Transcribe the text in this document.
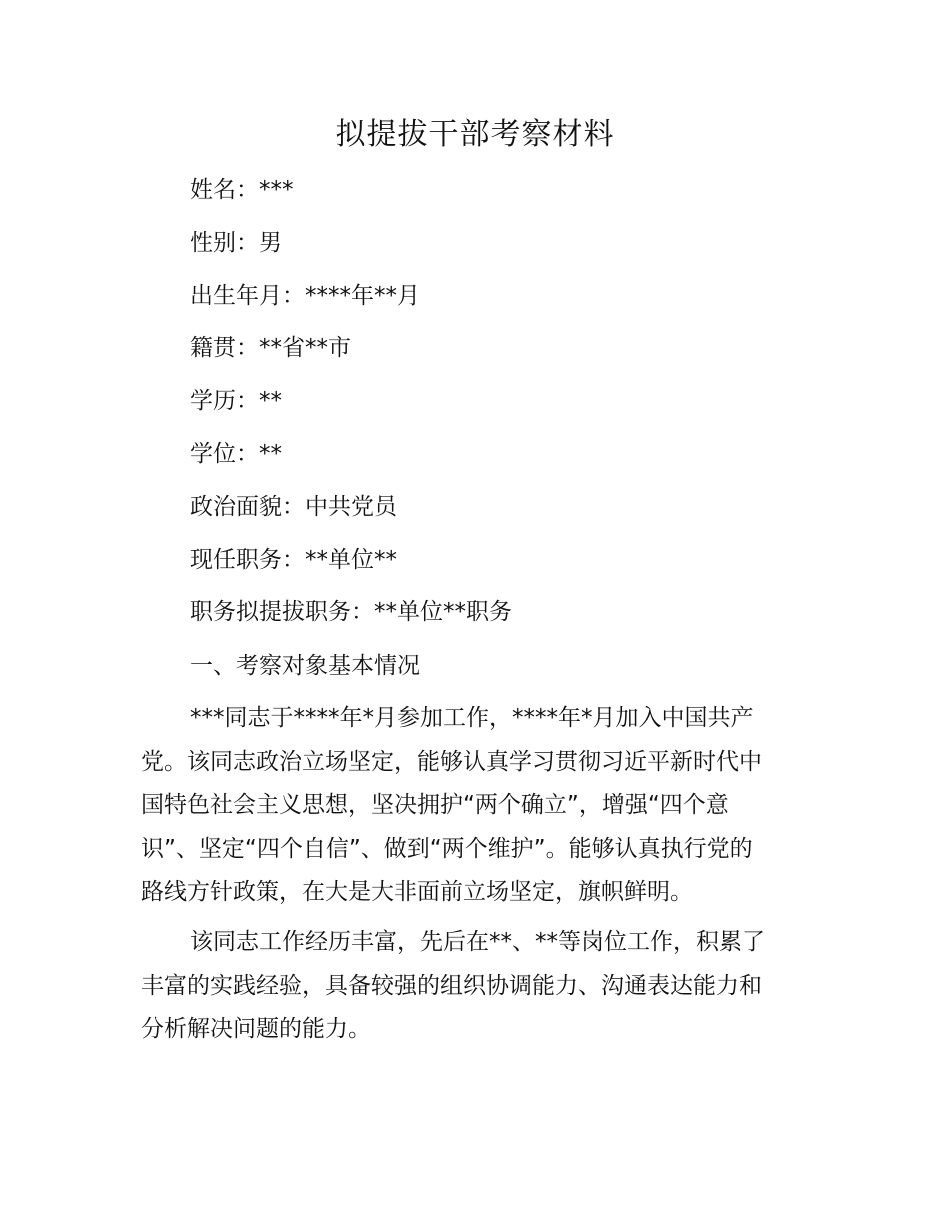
拟提拔干部考察材料
姓名：***
性别：男
出生年月：****年**月
籍贯：**省**市
学历：**
学位：**
政治面貌：中共党员
现任职务：**单位**
职务拟提拔职务：**单位**职务
一、考察对象基本情况

***同志于****年*月参加工作，****年*月加入中国共产
党。该同志政治立场坚定，能够认真学习贯彻习近平新时代中
国特色社会主义思想，坚决拥护“两个确立”，增强“四个意
识”、坚定“四个自信”、做到“两个维护”。能够认真执行党的
路线方针政策，在大是大非面前立场坚定，旗帜鲜明。

该同志工作经历丰富，先后在**、**等岗位工作，积累了
丰富的实践经验，具备较强的组织协调能力、沟通表达能力和
分析解决问题的能力。
